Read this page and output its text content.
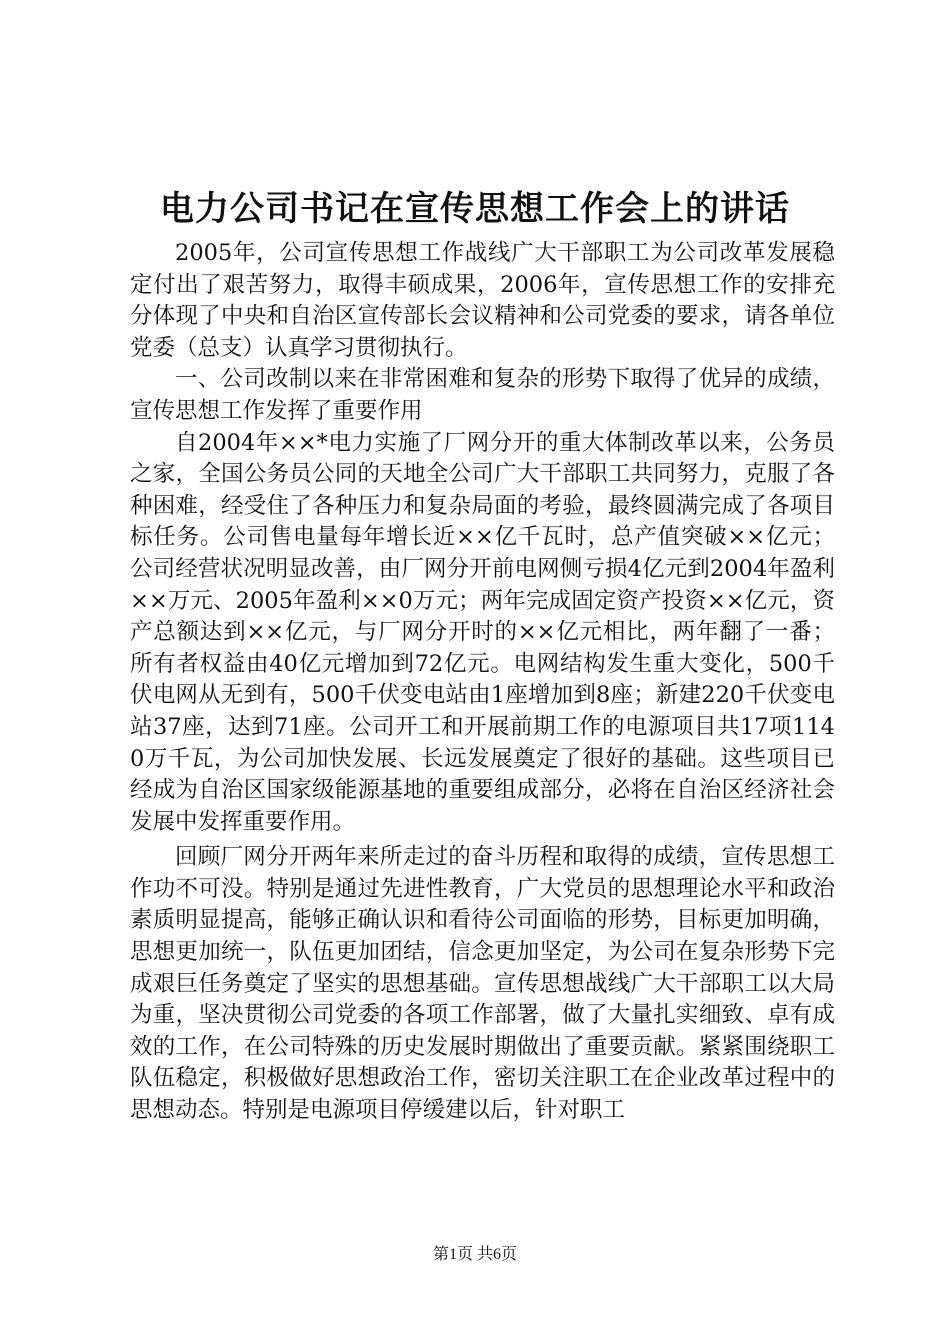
电力公司书记在宣传思想工作会上的讲话

2005年，公司宣传思想工作战线广大干部职工为公司改革发展稳定付出了艰苦努力，取得丰硕成果，2006年，宣传思想工作的安排充分体现了中央和自治区宣传部长会议精神和公司党委的要求，请各单位党委（总支）认真学习贯彻执行。

一、公司改制以来在非常困难和复杂的形势下取得了优异的成绩，宣传思想工作发挥了重要作用

自2004年××*电力实施了厂网分开的重大体制改革以来，公务员之家，全国公务员公同的天地全公司广大干部职工共同努力，克服了各种困难，经受住了各种压力和复杂局面的考验，最终圆满完成了各项目标任务。公司售电量每年增长近××亿千瓦时，总产值突破××亿元；公司经营状况明显改善，由厂网分开前电网侧亏损4亿元到2004年盈利××万元、2005年盈利××0万元；两年完成固定资产投资××亿元，资产总额达到××亿元，与厂网分开时的××亿元相比，两年翻了一番；所有者权益由40亿元增加到72亿元。电网结构发生重大变化，500千伏电网从无到有，500千伏变电站由1座增加到8座；新建220千伏变电站37座，达到71座。公司开工和开展前期工作的电源项目共17项1140万千瓦，为公司加快发展、长远发展奠定了很好的基础。这些项目已经成为自治区国家级能源基地的重要组成部分，必将在自治区经济社会发展中发挥重要作用。

回顾厂网分开两年来所走过的奋斗历程和取得的成绩，宣传思想工作功不可没。特别是通过先进性教育，广大党员的思想理论水平和政治素质明显提高，能够正确认识和看待公司面临的形势，目标更加明确，思想更加统一，队伍更加团结，信念更加坚定，为公司在复杂形势下完成艰巨任务奠定了坚实的思想基础。宣传思想战线广大干部职工以大局为重，坚决贯彻公司党委的各项工作部署，做了大量扎实细致、卓有成效的工作，在公司特殊的历史发展时期做出了重要贡献。紧紧围绕职工队伍稳定，积极做好思想政治工作，密切关注职工在企业改革过程中的思想动态。特别是电源项目停缓建以后，针对职工

第1页 共6页
